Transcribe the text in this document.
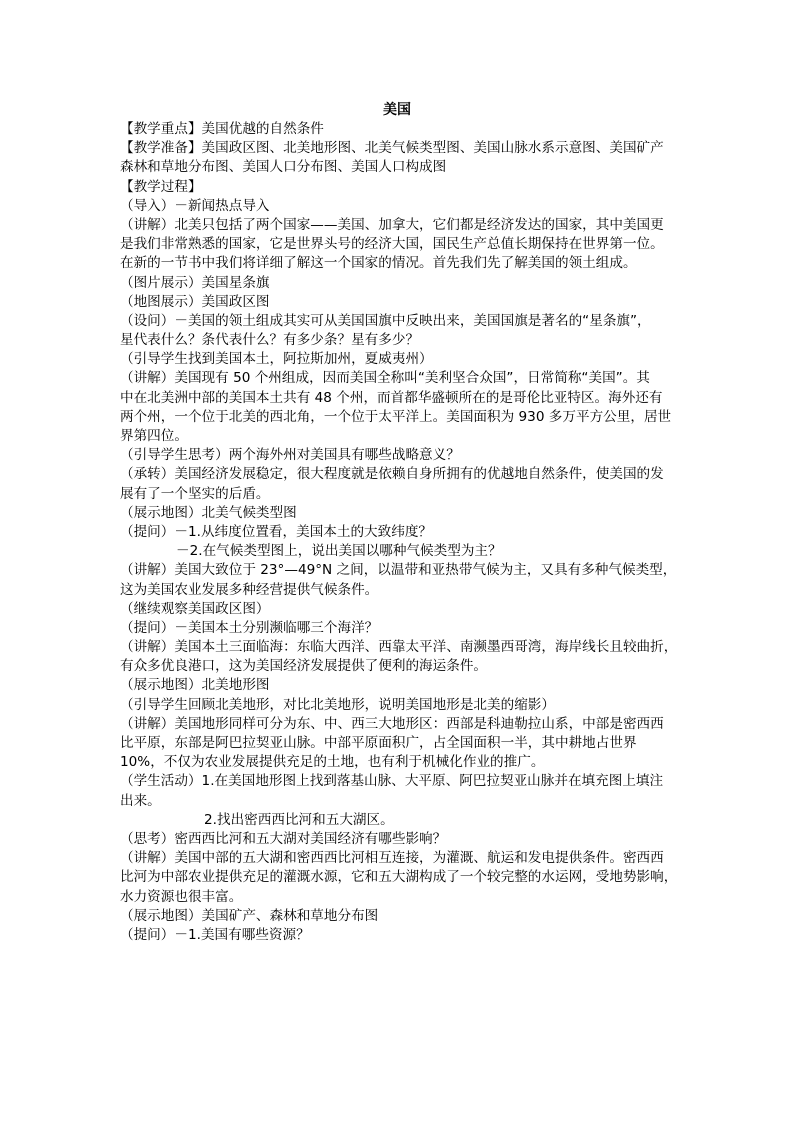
美国
【教学重点】美国优越的自然条件
【教学准备】美国政区图、北美地形图、北美气候类型图、美国山脉水系示意图、美国矿产
森林和草地分布图、美国人口分布图、美国人口构成图
【教学过程】
（导入）－新闻热点导入
（讲解）北美只包括了两个国家——美国、加拿大，它们都是经济发达的国家，其中美国更
是我们非常熟悉的国家，它是世界头号的经济大国，国民生产总值长期保持在世界第一位。
在新的一节书中我们将详细了解这一个国家的情况。首先我们先了解美国的领土组成。
（图片展示）美国星条旗
（地图展示）美国政区图
（设问）－美国的领土组成其实可从美国国旗中反映出来，美国国旗是著名的“星条旗”，
星代表什么？条代表什么？有多少条？星有多少？
（引导学生找到美国本土，阿拉斯加州，夏威夷州）
（讲解）美国现有 50 个州组成，因而美国全称叫“美利坚合众国”，日常简称“美国”。其
中在北美洲中部的美国本土共有 48 个州，而首都华盛顿所在的是哥伦比亚特区。海外还有
两个州，一个位于北美的西北角，一个位于太平洋上。美国面积为 930 多万平方公里，居世
界第四位。
（引导学生思考）两个海外州对美国具有哪些战略意义？
（承转）美国经济发展稳定，很大程度就是依赖自身所拥有的优越地自然条件，使美国的发
展有了一个坚实的后盾。
（展示地图）北美气候类型图
（提问）－1.从纬度位置看，美国本土的大致纬度？
－2.在气候类型图上，说出美国以哪种气候类型为主？
（讲解）美国大致位于 23°—49°N 之间，以温带和亚热带气候为主，又具有多种气候类型，
这为美国农业发展多种经营提供气候条件。
（继续观察美国政区图）
（提问）－美国本土分别濒临哪三个海洋？
（讲解）美国本土三面临海：东临大西洋、西靠太平洋、南濒墨西哥湾，海岸线长且较曲折，
有众多优良港口，这为美国经济发展提供了便利的海运条件。
（展示地图）北美地形图
（引导学生回顾北美地形，对比北美地形，说明美国地形是北美的缩影）
（讲解）美国地形同样可分为东、中、西三大地形区：西部是科迪勒拉山系，中部是密西西
比平原，东部是阿巴拉契亚山脉。中部平原面积广，占全国面积一半，其中耕地占世界
10%，不仅为农业发展提供充足的土地，也有利于机械化作业的推广。
（学生活动）1.在美国地形图上找到落基山脉、大平原、阿巴拉契亚山脉并在填充图上填注
出来。
2.找出密西西比河和五大湖区。
（思考）密西西比河和五大湖对美国经济有哪些影响？
（讲解）美国中部的五大湖和密西西比河相互连接，为灌溉、航运和发电提供条件。密西西
比河为中部农业提供充足的灌溉水源，它和五大湖构成了一个较完整的水运网，受地势影响，
水力资源也很丰富。
（展示地图）美国矿产、森林和草地分布图
（提问）－1.美国有哪些资源？
